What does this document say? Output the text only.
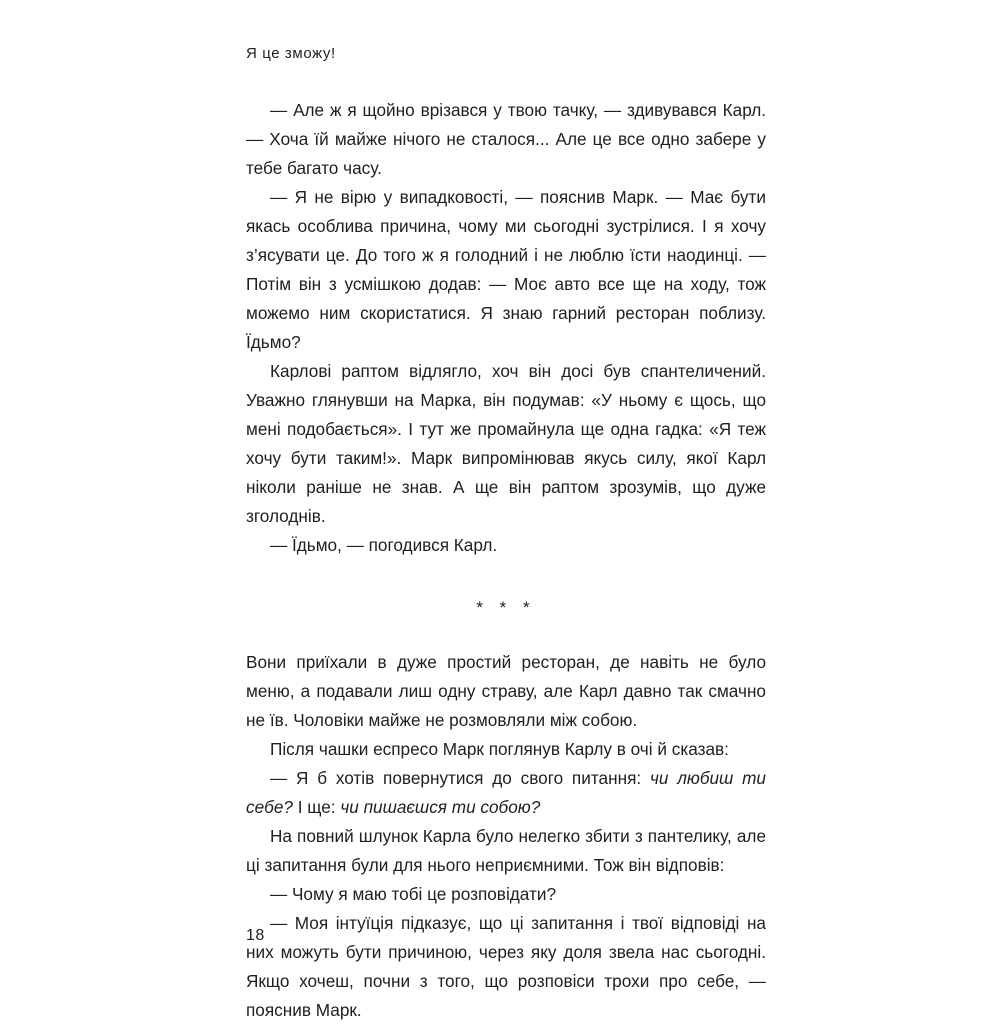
Я це зможу!

— Але ж я щойно врізався у твою тачку, — здивувався Карл. — Хоча їй майже нічого не сталося... Але це все одно забере у тебе багато часу.

— Я не вірю у випадковості, — пояснив Марк. — Має бути якась особлива причина, чому ми сьогодні зустрілися. І я хочу з’ясувати це. До того ж я голодний і не люблю їсти наодинці. — Потім він з усмішкою додав: — Моє авто все ще на ходу, тож можемо ним скористатися. Я знаю гарний ресторан поблизу. Їдьмо?

Карлові раптом відлягло, хоч він досі був спантеличений. Уважно глянувши на Марка, він подумав: «У ньому є щось, що мені подобається». І тут же промайнула ще одна гадка: «Я теж хочу бути таким!». Марк випромінював якусь силу, якої Карл ніколи раніше не знав. А ще він раптом зрозумів, що дуже зголоднів.

— Їдьмо, — погодився Карл.

* * *

Вони приїхали в дуже простий ресторан, де навіть не було меню, а подавали лиш одну страву, але Карл давно так смачно не їв. Чоловіки майже не розмовляли між собою.

Після чашки еспресо Марк поглянув Карлу в очі й сказав:

— Я б хотів повернутися до свого питання: чи любиш ти себе? І ще: чи пишаєшся ти собою?

На повний шлунок Карла було нелегко збити з пантелику, але ці запитання були для нього неприємними. Тож він відповів:

— Чому я маю тобі це розповідати?

— Моя інтуїція підказує, що ці запитання і твої відповіді на них можуть бути причиною, через яку доля звела нас сьогодні. Якщо хочеш, почни з того, що розповіси трохи про себе, — пояснив Марк.

18
